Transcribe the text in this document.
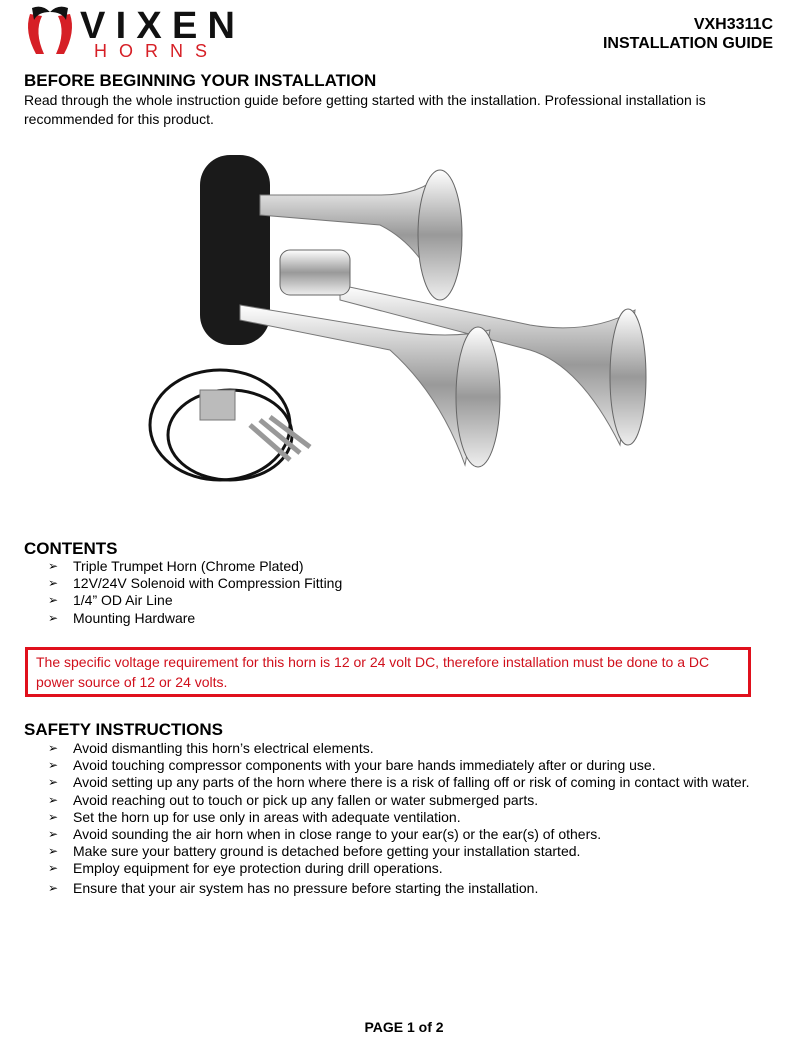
VIXEN
HORNS
VXH3311C
INSTALLATION GUIDE
BEFORE BEGINNING YOUR INSTALLATION
Read through the whole instruction guide before getting started with the installation. Professional installation is recommended for this product.
CONTENTS
➢	Triple Trumpet Horn (Chrome Plated)
➢	12V/24V Solenoid with Compression Fitting
➢	1/4” OD Air Line
➢	Mounting Hardware
The specific voltage requirement for this horn is 12 or 24 volt DC, therefore installation must be done to a DC power source of 12 or 24 volts.
SAFETY INSTRUCTIONS
➢	Avoid dismantling this horn’s electrical elements.
➢	Avoid touching compressor components with your bare hands immediately after or during use.
➢	Avoid setting up any parts of the horn where there is a risk of falling off or risk of coming in contact with water.
➢	Avoid reaching out to touch or pick up any fallen or water submerged parts.
➢	Set the horn up for use only in areas with adequate ventilation.
➢	Avoid sounding the air horn when in close range to your ear(s) or the ear(s) of others.
➢	Make sure your battery ground is detached before getting your installation started.
➢	Employ equipment for eye protection during drill operations.
➢	Ensure that your air system has no pressure before starting the installation.
PAGE 1 of 2
